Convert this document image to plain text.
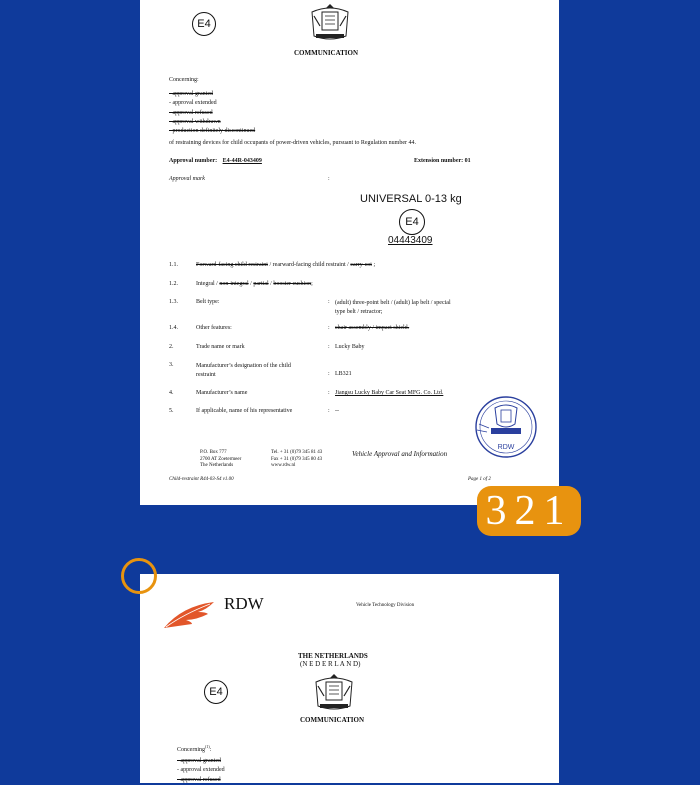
E4
COMMUNICATION
Concerning:
- approval granted
- approval extended
- approval refused
- approval withdrawn
- production definitely discontinued
of restraining devices for child occupants of power-driven vehicles, pursuant to Regulation number 44.
Approval number: E4-44R-043409	Extension number: 01
Approval mark	:
UNIVERSAL 0-13 kg
E4
04443409
1.1.	Forward-facing child restraint / rearward-facing child restraint / carry-cot ;
1.2.	Integral / non-integral / partial / booster cushion;
1.3.	Belt type:	: (adult) three-point belt / (adult) lap belt / special
type belt / retractor;
1.4.	Other features:	: chair assembly / impact shield.
2.	Trade name or mark	: Lucky Baby
3.	Manufacturer’s designation of the child
restraint	: LB321
4.	Manufacturer’s name	: Jiangsu Lucky Baby Car Seat MFG. Co. Ltd.
5.	If applicable, name of his representative	: --
RDW
P.O. Box 777
2700 AT Zoetermeer
The Netherlands
Tel. + 31 (0)79 345 81 43
Fax + 31 (0)79 345 80 43
www.rdw.nl
Vehicle Approval and Information
Child-restraint R44-03-S4 v1.00	Page 1 of 2
321
RDW	Vehicle Technology Division
THE NETHERLANDS
(N E D E R L A N D)
E4
COMMUNICATION
Concerning$^{(1)}$:
- approval granted
- approval extended
- approval refused
